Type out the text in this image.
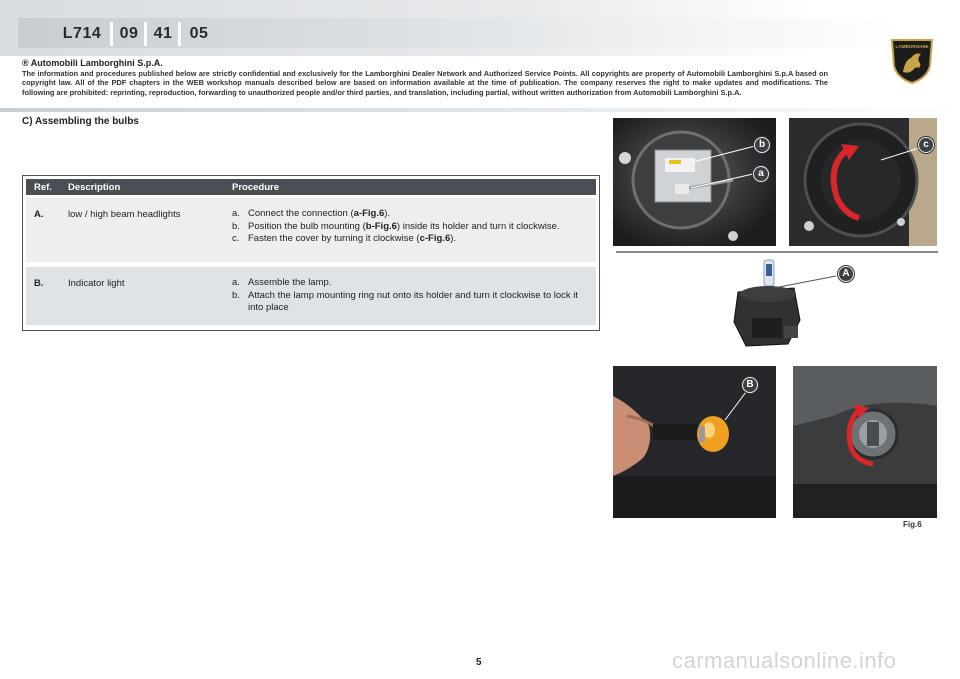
L714	09 41	05
LAMBORGHINI
® Automobili Lamborghini S.p.A.
The information and procedures published below are strictly confidential and exclusively for the Lamborghini Dealer Network and Authorized Service Points. All copyrights are property of Automobili Lamborghini S.p.A based on copyright law. All of the PDF chapters in the WEB workshop manuals described below are based on information available at the time of publication. The company reserves the right to make updates and modifications. The following are prohibited: reprinting, reproduction, forwarding to unauthorized people and/or third parties, and translation, including partial, without written authorization from Automobili Lamborghini S.p.A.
C) Assembling the bulbs
Ref. Description	Procedure
A.	low / high beam headlights	a. Connect the connection (a-Fig.6).
b. Position the bulb mounting (b-Fig.6) inside its holder and turn it clockwise.
c. Fasten the cover by turning it clockwise (c-Fig.6).
B.	Indicator light	a. Assemble the lamp.
b. Attach the lamp mounting ring nut onto its holder and turn it clockwise to lock it into place
b
a
c
A
B
Fig.6
5	carmanualsonline.info
